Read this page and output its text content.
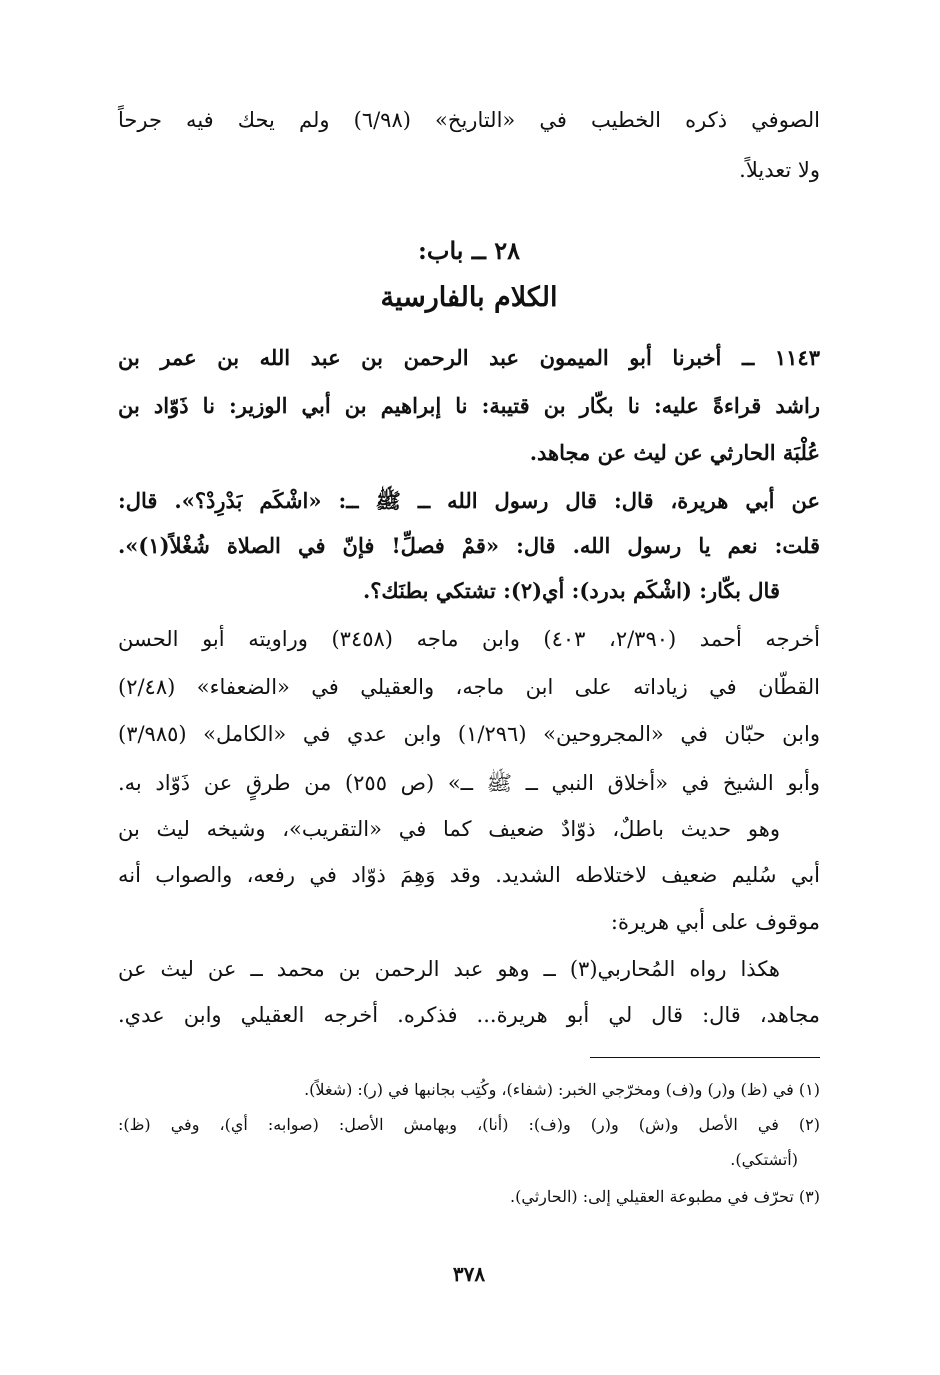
الصوفي ذكره الخطيب في «التاريخ» (٦/٩٨) ولم يحك فيه جرحاً
ولا تعديلاً.
٢٨ ــ باب:
الكلام بالفارسية
١١٤٣ ــ أخبرنا أبو الميمون عبد الرحمن بن عبد الله بن عمر بن
راشد قراءةً عليه: نا بكّار بن قتيبة: نا إبراهيم بن أبي الوزير: نا ذَوّاد بن
عُلْبَة الحارثي عن ليث عن مجاهد.
عن أبي هريرة، قال: قال رسول الله ــ ﷺ ــ: «اشْكَم بَدْرِدْ؟». قال:
قلت: نعم يا رسول الله. قال: «قمْ فصلِّ! فإنّ في الصلاة شُغْلاً(١)».
قال بكّار: (اشْكَم بدرد): أي(٢): تشتكي بطنَك؟.
أخرجه أحمد (٢/٣٩٠، ٤٠٣) وابن ماجه (٣٤٥٨) وراويته أبو الحسن
القطّان في زياداته على ابن ماجه، والعقيلي في «الضعفاء» (٢/٤٨)
وابن حبّان في «المجروحين» (١/٢٩٦) وابن عدي في «الكامل» (٣/٩٨٥)
وأبو الشيخ في «أخلاق النبي ــ ﷺ ــ» (ص ٢٥٥) من طرقٍ عن ذَوّاد به.
وهو حديث باطلٌ، ذوّادٌ ضعيف كما في «التقريب»، وشيخه ليث بن
أبي سُليم ضعيف لاختلاطه الشديد. وقد وَهِمَ ذوّاد في رفعه، والصواب أنه
موقوف على أبي هريرة:
هكذا رواه المُحاربي(٣) ــ وهو عبد الرحمن بن محمد ــ عن ليث عن
مجاهد، قال: قال لي أبو هريرة... فذكره. أخرجه العقيلي وابن عدي.
(١) في (ظ) و(ر) و(ف) ومخرّجي الخبر: (شفاء)، وكُتِب بجانبها في (ر): (شغلاً).
(٢) في الأصل و(ش) و(ر) و(ف): (أنا)، وبهامش الأصل: (صوابه: أي)، وفي (ظ):
(أتشتكي).
(٣) تحرّف في مطبوعة العقيلي إلى: (الحارثي).
٣٧٨
